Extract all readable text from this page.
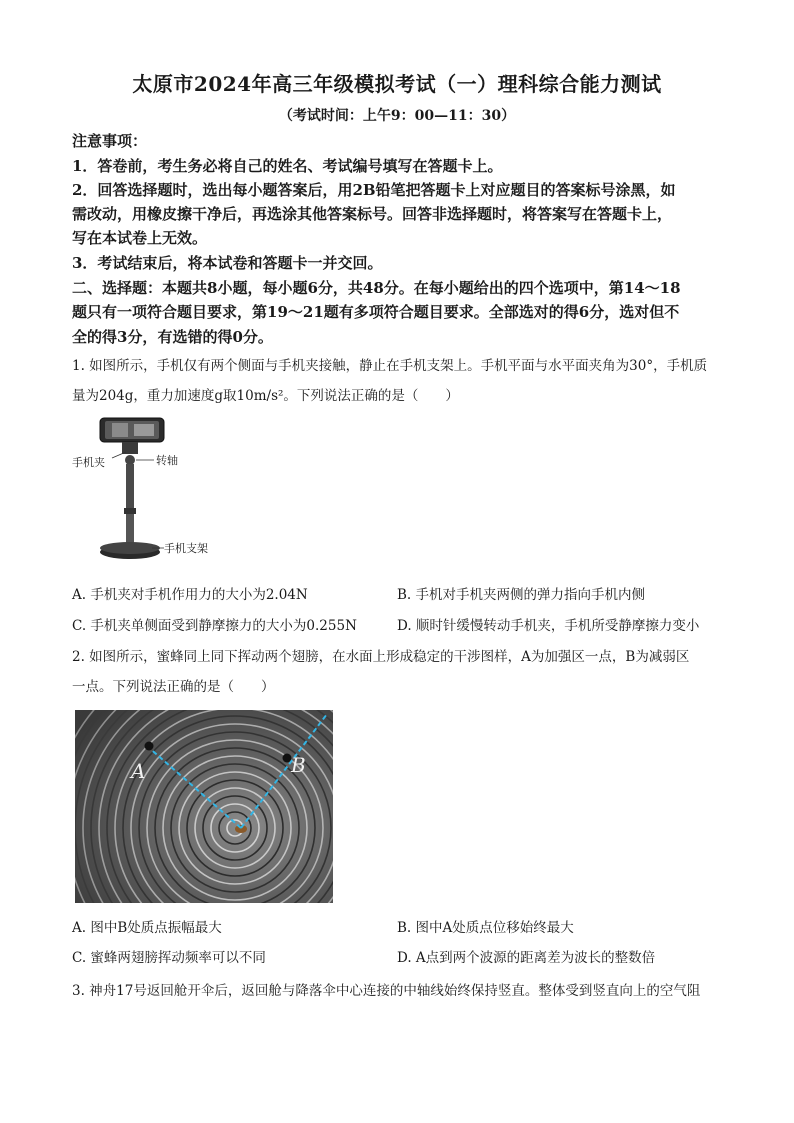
太原市2024年高三年级模拟考试（一）理科综合能力测试
（考试时间：上午9：00—11：30）
注意事项：
1．答卷前，考生务必将自己的姓名、考试编号填写在答题卡上。
2．回答选择题时，选出每小题答案后，用2B铅笔把答题卡上对应题目的答案标号涂黑，如
需改动，用橡皮擦干净后，再选涂其他答案标号。回答非选择题时，将答案写在答题卡上，
写在本试卷上无效。
3．考试结束后，将本试卷和答题卡一并交回。
二、选择题：本题共8小题，每小题6分，共48分。在每小题给出的四个选项中，第14～18
题只有一项符合题目要求，第19～21题有多项符合题目要求。全部选对的得6分，选对但不
全的得3分，有选错的得0分。
1. 如图所示，手机仅有两个侧面与手机夹接触，静止在手机支架上。手机平面与水平面夹角为30°，手机质
量为204g，重力加速度g取10m/s²。下列说法正确的是（　　）
手机夹	转轴
手机支架
A. 手机夹对手机作用力的大小为2.04N	B. 手机对手机夹两侧的弹力指向手机内侧
C. 手机夹单侧面受到静摩擦力的大小为0.255N	D. 顺时针缓慢转动手机夹，手机所受静摩擦力变小
2. 如图所示，蜜蜂同上同下挥动两个翅膀，在水面上形成稳定的干涉图样，A为加强区一点，B为减弱区
一点。下列说法正确的是（　　）
A	B
A. 图中B处质点振幅最大	B. 图中A处质点位移始终最大
C. 蜜蜂两翅膀挥动频率可以不同	D. A点到两个波源的距离差为波长的整数倍
3. 神舟17号返回舱开伞后，返回舱与降落伞中心连接的中轴线始终保持竖直。整体受到竖直向上的空气阻
